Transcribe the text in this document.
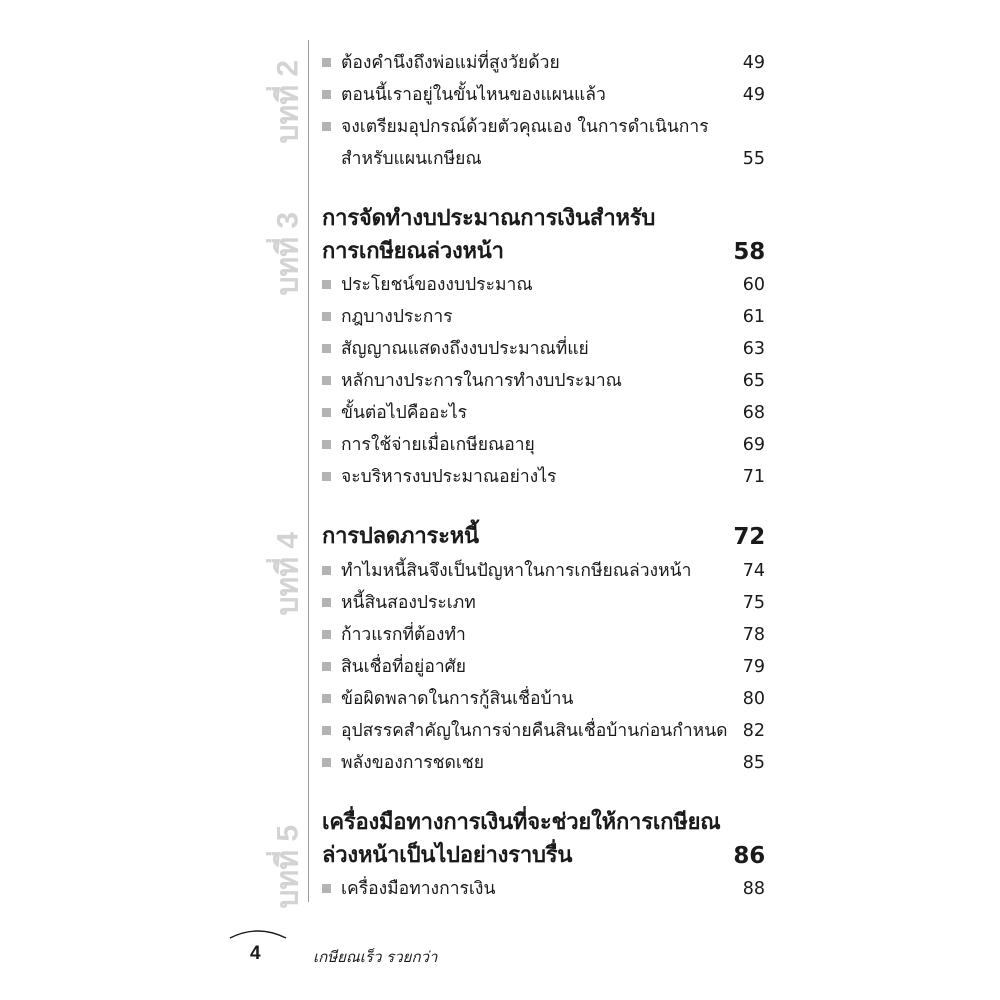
บทที่ 2
บทที่ 3
บทที่ 4
บทที่ 5
ต้องคำนึงถึงพ่อแม่ที่สูงวัยด้วย	49
ตอนนี้เราอยู่ในขั้นไหนของแผนแล้ว	49
จงเตรียมอุปกรณ์ด้วยตัวคุณเอง ในการดำเนินการ
สำหรับแผนเกษียณ	55
การจัดทำงบประมาณการเงินสำหรับ
การเกษียณล่วงหน้า	58
ประโยชน์ของงบประมาณ	60
กฎบางประการ	61
สัญญาณแสดงถึงงบประมาณที่แย่	63
หลักบางประการในการทำงบประมาณ	65
ขั้นต่อไปคืออะไร	68
การใช้จ่ายเมื่อเกษียณอายุ	69
จะบริหารงบประมาณอย่างไร	71
การปลดภาระหนี้	72
ทำไมหนี้สินจึงเป็นปัญหาในการเกษียณล่วงหน้า	74
หนี้สินสองประเภท	75
ก้าวแรกที่ต้องทำ	78
สินเชื่อที่อยู่อาศัย	79
ข้อผิดพลาดในการกู้สินเชื่อบ้าน	80
อุปสรรคสำคัญในการจ่ายคืนสินเชื่อบ้านก่อนกำหนด 82
พลังของการชดเชย	85
เครื่องมือทางการเงินที่จะช่วยให้การเกษียณ
ล่วงหน้าเป็นไปอย่างราบรื่น	86
เครื่องมือทางการเงิน	88
4	เกษียณเร็ว รวยกว่า
